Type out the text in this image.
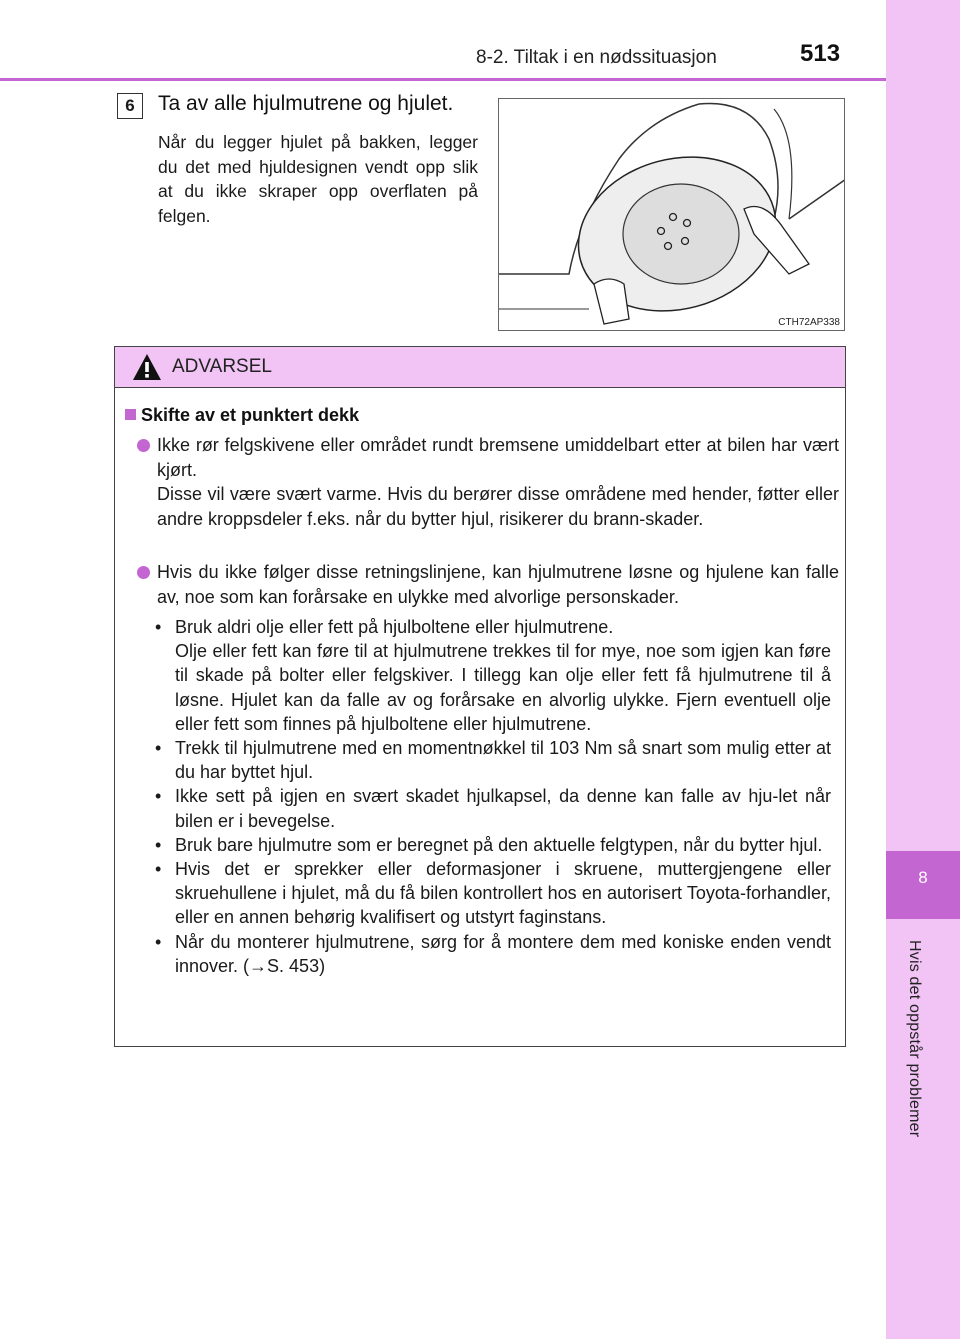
8
Hvis det oppstår problemer
8-2. Tiltak i en nødssituasjon	513
6	Ta av alle hjulmutrene og hjulet.
Når du legger hjulet på bakken, legger du det med hjuldesignen vendt opp slik at du ikke skraper opp overflaten på felgen.
CTH72AP338
ADVARSEL
Skifte av et punktert dekk

Ikke rør felgskivene eller området rundt bremsene umiddelbart etter at bilen har vært kjørt.

Disse vil være svært varme. Hvis du berører disse områdene med hender, føtter eller andre kroppsdeler f.eks. når du bytter hjul, risikerer du brann-skader.

Hvis du ikke følger disse retningslinjene, kan hjulmutrene løsne og hjulene kan falle av, noe som kan forårsake en ulykke med alvorlige personskader.

• Bruk aldri olje eller fett på hjulboltene eller hjulmutrene.

Olje eller fett kan føre til at hjulmutrene trekkes til for mye, noe som igjen kan føre til skade på bolter eller felgskiver. I tillegg kan olje eller fett få hjulmutrene til å løsne. Hjulet kan da falle av og forårsake en alvorlig ulykke. Fjern eventuell olje eller fett som finnes på hjulboltene eller hjulmutrene.

• Trekk til hjulmutrene med en momentnøkkel til 103 Nm så snart som mulig etter at du har byttet hjul.

• Ikke sett på igjen en svært skadet hjulkapsel, da denne kan falle av hju-let når bilen er i bevegelse.

• Bruk bare hjulmutre som er beregnet på den aktuelle felgtypen, når du bytter hjul.

• Hvis det er sprekker eller deformasjoner i skruene, muttergjengene eller skruehullene i hjulet, må du få bilen kontrollert hos en autorisert Toyota-forhandler, eller en annen behørig kvalifisert og utstyrt faginstans.

• Når du monterer hjulmutrene, sørg for å montere dem med koniske enden vendt innover. (→S. 453)
